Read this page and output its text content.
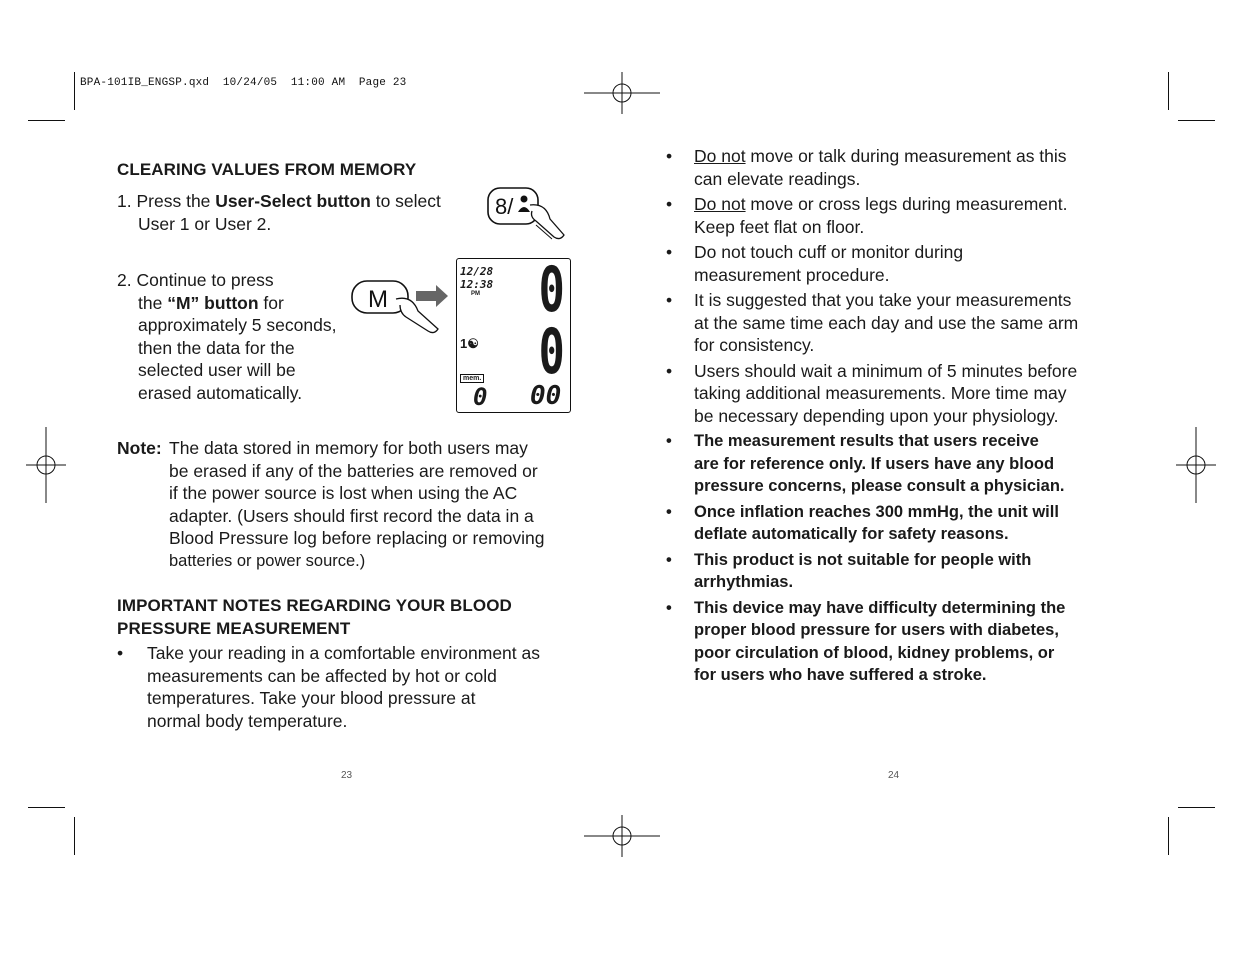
BPA-101IB_ENGSP.qxd  10/24/05  11:00 AM  Page 23
CLEARING VALUES FROM MEMORY
1. Press the User-Select button to select
User 1 or User 2.
8/
2. Continue to press

the “M” button for
approximately 5 seconds,
then the data for the
selected user will be
erased automatically.
M
12/28
12:38
PM
1☯
mem.
0
0
0
00
Note: The data stored in memory for both users may
be erased if any of the batteries are removed or
if the power source is lost when using the AC
adapter. (Users should first record the data in a
Blood Pressure log before replacing or removing
batteries or power source.)
IMPORTANT NOTES REGARDING YOUR BLOOD
PRESSURE MEASUREMENT
• Take your reading in a comfortable environment as
measurements can be affected by hot or cold
temperatures. Take your blood pressure at
normal body temperature.
23
• Do not move or talk during measurement as this
can elevate readings.
• Do not move or cross legs during measurement.
Keep feet flat on floor.
• Do not touch cuff or monitor during
measurement procedure.
• It is suggested that you take your measurements
at the same time each day and use the same arm
for consistency.
• Users should wait a minimum of 5 minutes before
taking additional measurements. More time may
be necessary depending upon your physiology.
• The measurement results that users receive
are for reference only. If users have any blood
pressure concerns, please consult a physician.
• Once inflation reaches 300 mmHg, the unit will
deflate automatically for safety reasons.
• This product is not suitable for people with
arrhythmias.
• This device may have difficulty determining the
proper blood pressure for users with diabetes,
poor circulation of blood, kidney problems, or
for users who have suffered a stroke.
24
